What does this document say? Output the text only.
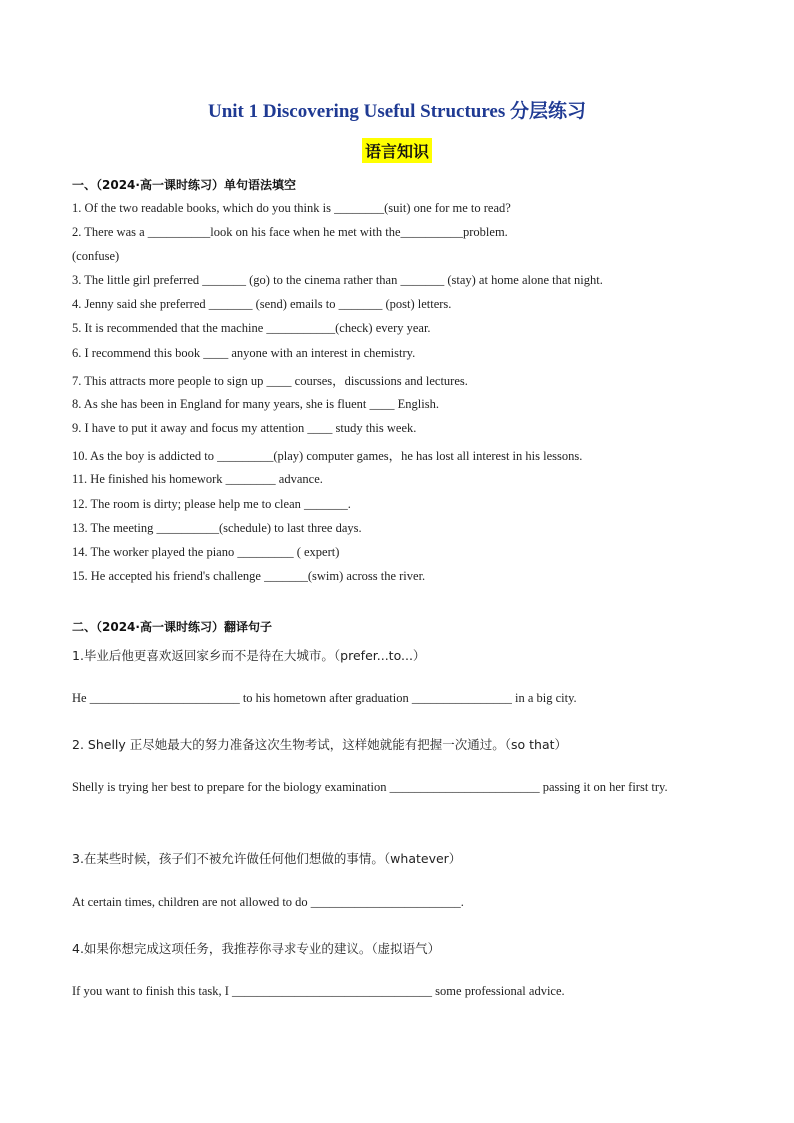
Unit 1 Discovering Useful Structures 分层练习
语言知识
一、（2024·高一课时练习）单句语法填空
1. Of the two readable books, which do you think is ________(suit) one for me to read?
2. There was a __________look on his face when he met with the__________problem.
(confuse)
3. The little girl preferred _______ (go) to the cinema rather than _______ (stay) at home alone that night.
4. Jenny said she preferred _______ (send) emails to _______ (post) letters.
5. It is recommended that the machine ___________(check) every year.
6. I recommend this book ____ anyone with an interest in chemistry.
7. This attracts more people to sign up ____ courses，discussions and lectures.
8. As she has been in England for many years, she is fluent ____ English.
9. I have to put it away and focus my attention ____ study this week.
10. As the boy is addicted to _________(play) computer games，he has lost all interest in his lessons.
11. He finished his homework ________ advance.
12. The room is dirty; please help me to clean _______.
13. The meeting __________(schedule) to last three days.
14. The worker played the piano _________ ( expert)
15. He accepted his friend's challenge _______(swim) across the river.
二、（2024·高一课时练习）翻译句子
1.毕业后他更喜欢返回家乡而不是待在大城市。（prefer...to...）
He ________________________ to his hometown after graduation ________________ in a big city.
2. Shelly 正尽她最大的努力准备这次生物考试，这样她就能有把握一次通过。（so that）
Shelly is trying her best to prepare for the biology examination ________________________ passing it on her first try.
3.在某些时候，孩子们不被允许做任何他们想做的事情。（whatever）
At certain times, children are not allowed to do ________________________.
4.如果你想完成这项任务，我推荐你寻求专业的建议。（虚拟语气）
If you want to finish this task, I ________________________________ some professional advice.
